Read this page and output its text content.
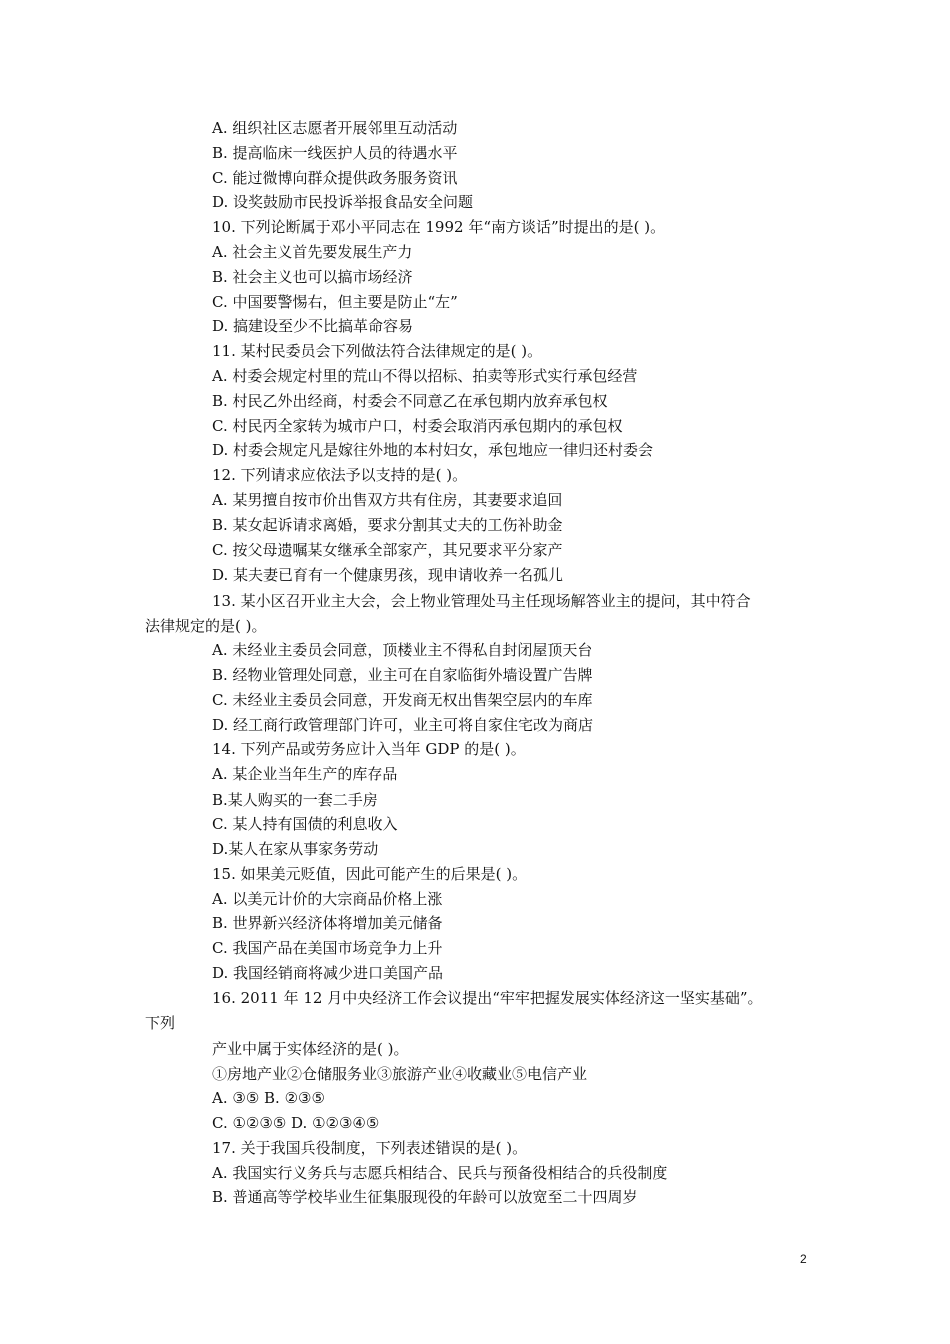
A. 组织社区志愿者开展邻里互动活动
B. 提高临床一线医护人员的待遇水平
C. 能过微博向群众提供政务服务资讯
D. 设奖鼓励市民投诉举报食品安全问题
10. 下列论断属于邓小平同志在 1992 年“南方谈话”时提出的是( )。
A. 社会主义首先要发展生产力
B. 社会主义也可以搞市场经济
C. 中国要警惕右，但主要是防止“左”
D. 搞建设至少不比搞革命容易
11. 某村民委员会下列做法符合法律规定的是( )。
A. 村委会规定村里的荒山不得以招标、拍卖等形式实行承包经营
B. 村民乙外出经商，村委会不同意乙在承包期内放弃承包权
C. 村民丙全家转为城市户口，村委会取消丙承包期内的承包权
D. 村委会规定凡是嫁往外地的本村妇女，承包地应一律归还村委会
12. 下列请求应依法予以支持的是( )。
A. 某男擅自按市价出售双方共有住房，其妻要求追回
B. 某女起诉请求离婚，要求分割其丈夫的工伤补助金
C. 按父母遗嘱某女继承全部家产，其兄要求平分家产
D. 某夫妻已育有一个健康男孩，现申请收养一名孤儿
13. 某小区召开业主大会，会上物业管理处马主任现场解答业主的提问，其中符合
法律规定的是( )。
A. 未经业主委员会同意，顶楼业主不得私自封闭屋顶天台
B. 经物业管理处同意，业主可在自家临街外墙设置广告牌
C. 未经业主委员会同意，开发商无权出售架空层内的车库
D. 经工商行政管理部门许可，业主可将自家住宅改为商店
14. 下列产品或劳务应计入当年 GDP 的是( )。
A. 某企业当年生产的库存品
B.某人购买的一套二手房
C. 某人持有国债的利息收入
D.某人在家从事家务劳动
15. 如果美元贬值，因此可能产生的后果是( )。
A. 以美元计价的大宗商品价格上涨
B. 世界新兴经济体将增加美元储备
C. 我国产品在美国市场竞争力上升
D. 我国经销商将减少进口美国产品
16. 2011 年 12 月中央经济工作会议提出“牢牢把握发展实体经济这一坚实基础”。
下列
产业中属于实体经济的是( )。
①房地产业②仓储服务业③旅游产业④收藏业⑤电信产业
A. ③⑤ B. ②③⑤
C. ①②③⑤ D. ①②③④⑤
17. 关于我国兵役制度，下列表述错误的是( )。
A. 我国实行义务兵与志愿兵相结合、民兵与预备役相结合的兵役制度
B. 普通高等学校毕业生征集服现役的年龄可以放宽至二十四周岁
2
